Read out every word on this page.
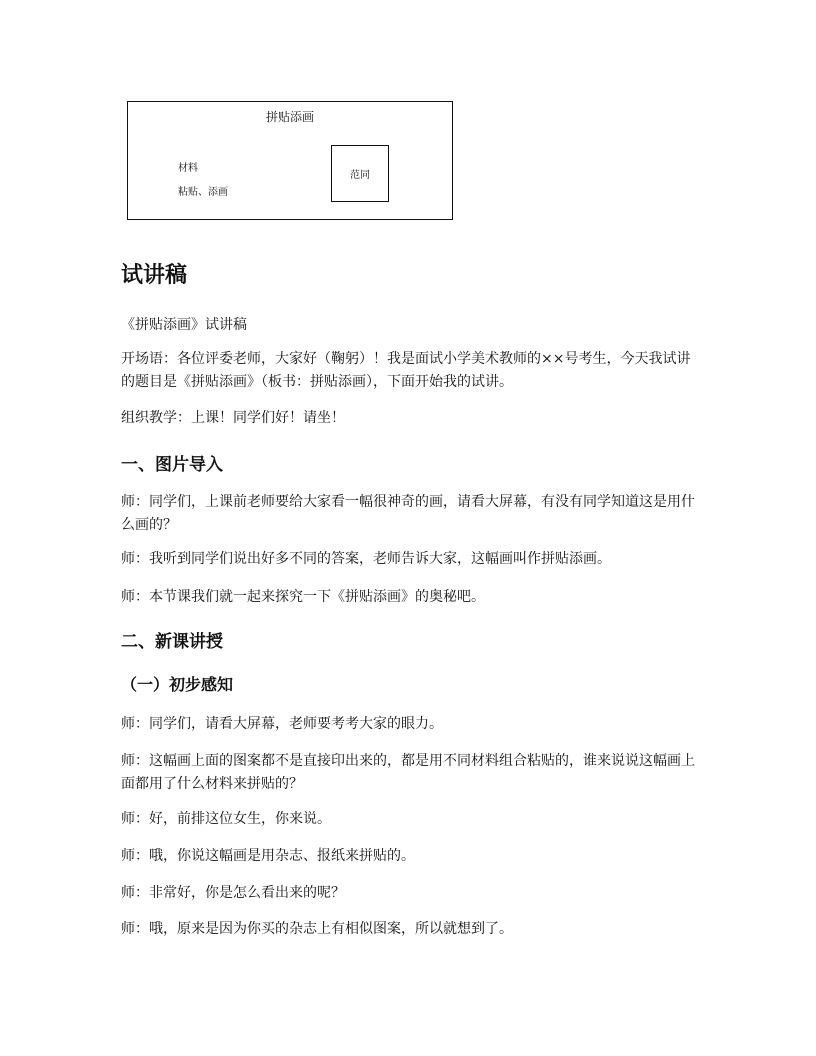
拼贴添画
材料
粘贴、添画
范同
试讲稿

《拼贴添画》试讲稿

开场语：各位评委老师，大家好（鞠躬）！我是面试小学美术教师的××号考生，今天我试讲的题目是《拼贴添画》（板书：拼贴添画），下面开始我的试讲。

组织教学：上课！同学们好！请坐！

一、图片导入

师：同学们，上课前老师要给大家看一幅很神奇的画，请看大屏幕，有没有同学知道这是用什么画的？

师：我听到同学们说出好多不同的答案，老师告诉大家，这幅画叫作拼贴添画。

师：本节课我们就一起来探究一下《拼贴添画》的奥秘吧。

二、新课讲授
（一）初步感知

师：同学们，请看大屏幕，老师要考考大家的眼力。

师：这幅画上面的图案都不是直接印出来的，都是用不同材料组合粘贴的，谁来说说这幅画上面都用了什么材料来拼贴的？

师：好，前排这位女生，你来说。

师：哦，你说这幅画是用杂志、报纸来拼贴的。

师：非常好，你是怎么看出来的呢？

师：哦，原来是因为你买的杂志上有相似图案，所以就想到了。
